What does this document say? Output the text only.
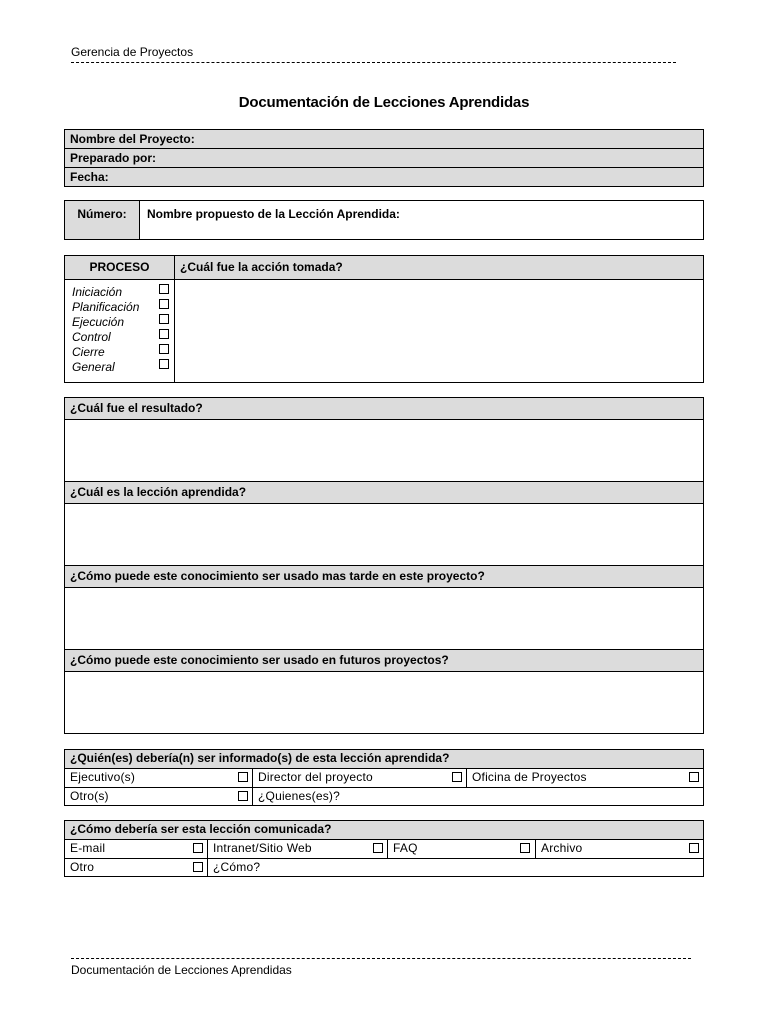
Gerencia de Proyectos
Documentación de Lecciones Aprendidas
Nombre del Proyecto:
Preparado por:
Fecha:
Número:	Nombre propuesto de la Lección Aprendida:
PROCESO	¿Cuál fue la acción tomada?
Iniciación
Planificación
Ejecución
Control
Cierre
General
¿Cuál fue el resultado?
¿Cuál es la lección aprendida?
¿Cómo puede este conocimiento ser usado mas tarde en este proyecto?
¿Cómo puede este conocimiento ser usado en futuros proyectos?
¿Quién(es) debería(n) ser informado(s) de esta lección aprendida?
Ejecutivo(s)	Director del proyecto	Oficina de Proyectos
Otro(s)	¿Quienes(es)?
¿Cómo debería ser esta lección comunicada?
E-mail	Intranet/Sitio Web	FAQ	Archivo
Otro	¿Cómo?
Documentación de Lecciones Aprendidas
